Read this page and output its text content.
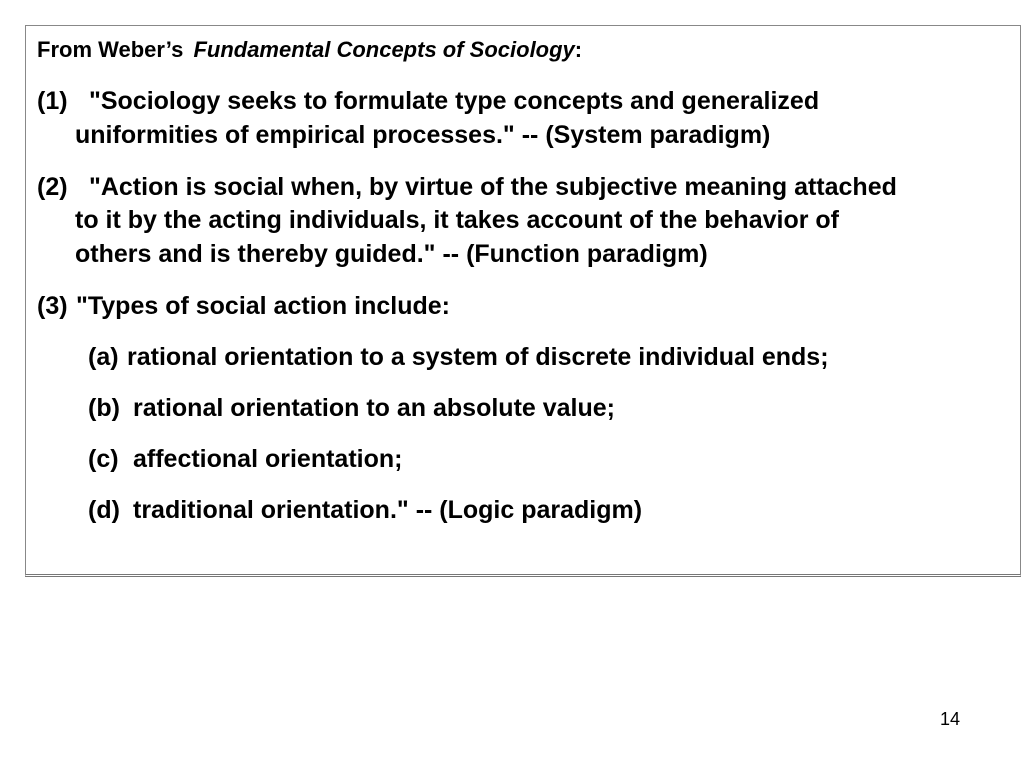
From Weber’s Fundamental Concepts of Sociology:
(1) "Sociology seeks to formulate type concepts and generalized
uniformities of empirical processes." -- (System paradigm)
(2) "Action is social when, by virtue of the subjective meaning attached
to it by the acting individuals, it takes account of the behavior of
others and is thereby guided." -- (Function paradigm)
(3) "Types of social action include:
(a) rational orientation to a system of discrete individual ends;
(b) rational orientation to an absolute value;
(c) affectional orientation;
(d) traditional orientation." -- (Logic paradigm)
14
